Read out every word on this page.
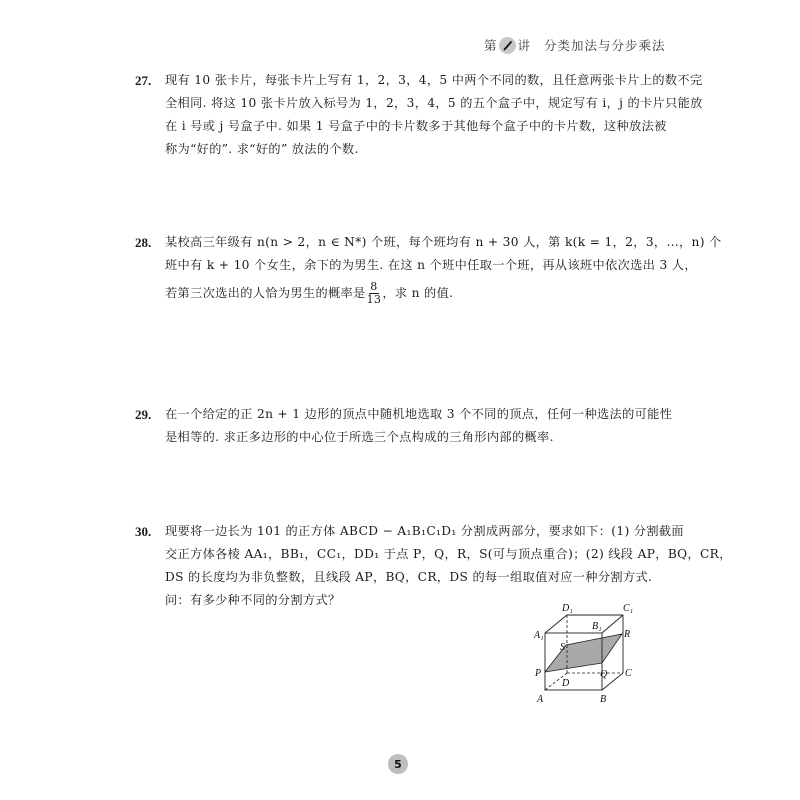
第 讲 分类加法与分步乘法
27.	现有 10 张卡片，每张卡片上写有 1，2，3，4，5 中两个不同的数，且任意两张卡片上的数不完
全相同. 将这 10 张卡片放入标号为 1，2，3，4，5 的五个盒子中，规定写有 i，j 的卡片只能放
在 i 号或 j 号盒子中. 如果 1 号盒子中的卡片数多于其他每个盒子中的卡片数，这种放法被
称为“好的”. 求“好的” 放法的个数.
28.	某校高三年级有 n(n > 2，n ∈ N*) 个班，每个班均有 n + 30 人，第 k(k = 1，2，3，…，n) 个
班中有 k + 10 个女生，余下的为男生. 在这 n 个班中任取一个班，再从该班中依次选出 3 人，
若第三次选出的人恰为男生的概率是 $\frac{8}{13}$ ，求 n 的值.
29.	在一个给定的正 2n + 1 边形的顶点中随机地选取 3 个不同的顶点，任何一种选法的可能性
是相等的. 求正多边形的中心位于所选三个点构成的三角形内部的概率.
30.	现要将一边长为 101 的正方体 ABCD − A₁B₁C₁D₁ 分割成两部分，要求如下：(1) 分割截面
交正方体各棱 AA₁，BB₁，CC₁，DD₁ 于点 P，Q，R，S(可与顶点重合)；(2) 线段 AP，BQ，CR，
DS 的长度均为非负整数，且线段 AP，BQ，CR，DS 的每一组取值对应一种分割方式.
问：有多少种不同的分割方式？
A₁
D₁
B₁
C₁
S
R
Q
P
D
C
A	B
5
